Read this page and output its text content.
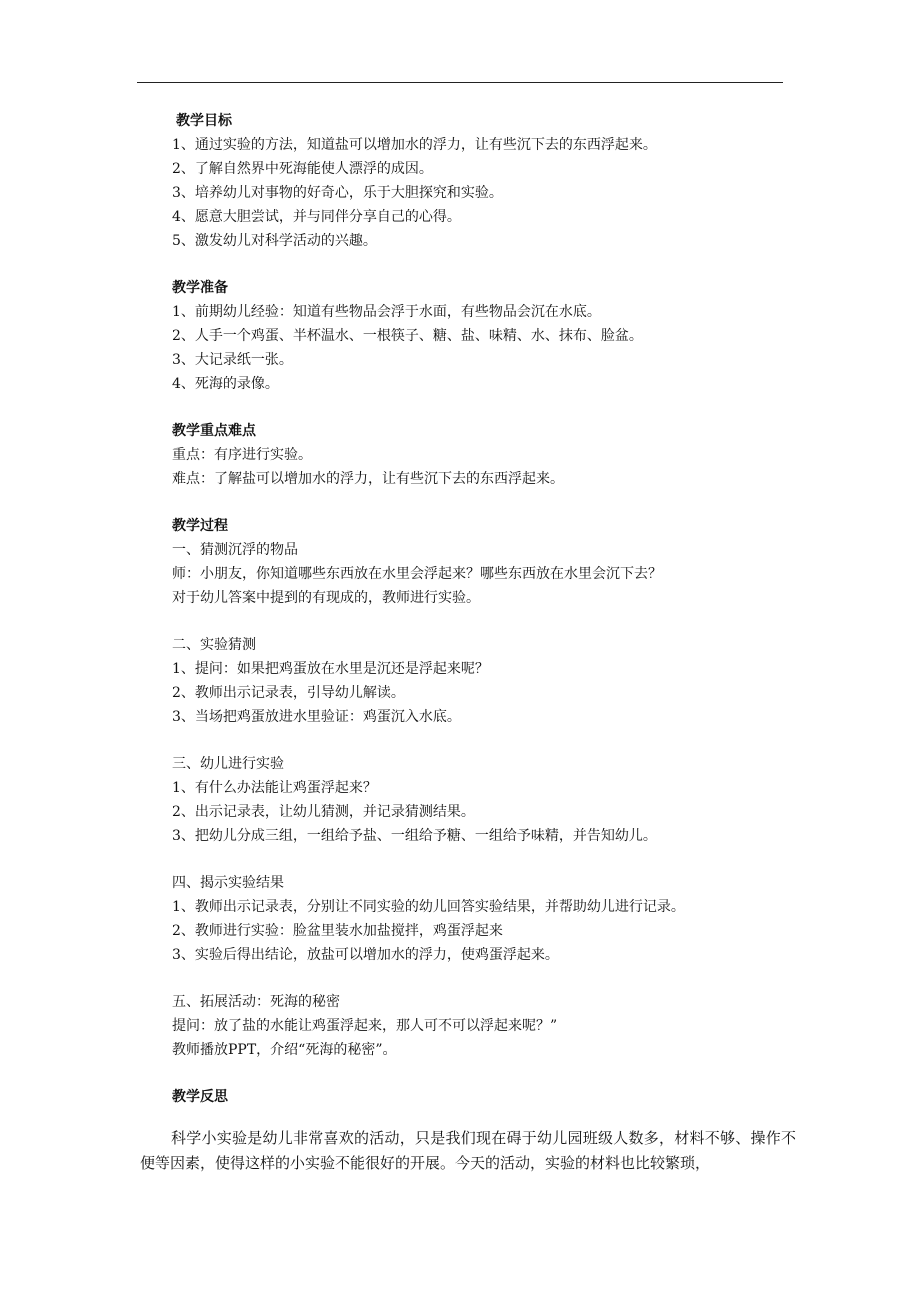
教学目标
1、通过实验的方法，知道盐可以增加水的浮力，让有些沉下去的东西浮起来。
2、了解自然界中死海能使人漂浮的成因。
3、培养幼儿对事物的好奇心，乐于大胆探究和实验。
4、愿意大胆尝试，并与同伴分享自己的心得。
5、激发幼儿对科学活动的兴趣。
教学准备
1、前期幼儿经验：知道有些物品会浮于水面，有些物品会沉在水底。
2、人手一个鸡蛋、半杯温水、一根筷子、糖、盐、味精、水、抹布、脸盆。
3、大记录纸一张。
4、死海的录像。
教学重点难点
重点：有序进行实验。
难点：了解盐可以增加水的浮力，让有些沉下去的东西浮起来。
教学过程
一、猜测沉浮的物品
师：小朋友，你知道哪些东西放在水里会浮起来？哪些东西放在水里会沉下去？
对于幼儿答案中提到的有现成的，教师进行实验。
二、实验猜测
1、提问：如果把鸡蛋放在水里是沉还是浮起来呢？
2、教师出示记录表，引导幼儿解读。
3、当场把鸡蛋放进水里验证：鸡蛋沉入水底。
三、幼儿进行实验
1、有什么办法能让鸡蛋浮起来？
2、出示记录表，让幼儿猜测，并记录猜测结果。
3、把幼儿分成三组，一组给予盐、一组给予糖、一组给予味精，并告知幼儿。
四、揭示实验结果
1、教师出示记录表，分别让不同实验的幼儿回答实验结果，并帮助幼儿进行记录。
2、教师进行实验：脸盆里装水加盐搅拌，鸡蛋浮起来
3、实验后得出结论，放盐可以增加水的浮力，使鸡蛋浮起来。
五、拓展活动：死海的秘密
提问：放了盐的水能让鸡蛋浮起来，那人可不可以浮起来呢？”
教师播放PPT，介绍“死海的秘密”。
教学反思
科学小实验是幼儿非常喜欢的活动，只是我们现在碍于幼儿园班级人数多，材料不够、操作不便等因素，使得这样的小实验不能很好的开展。今天的活动，实验的材料也比较繁琐，
